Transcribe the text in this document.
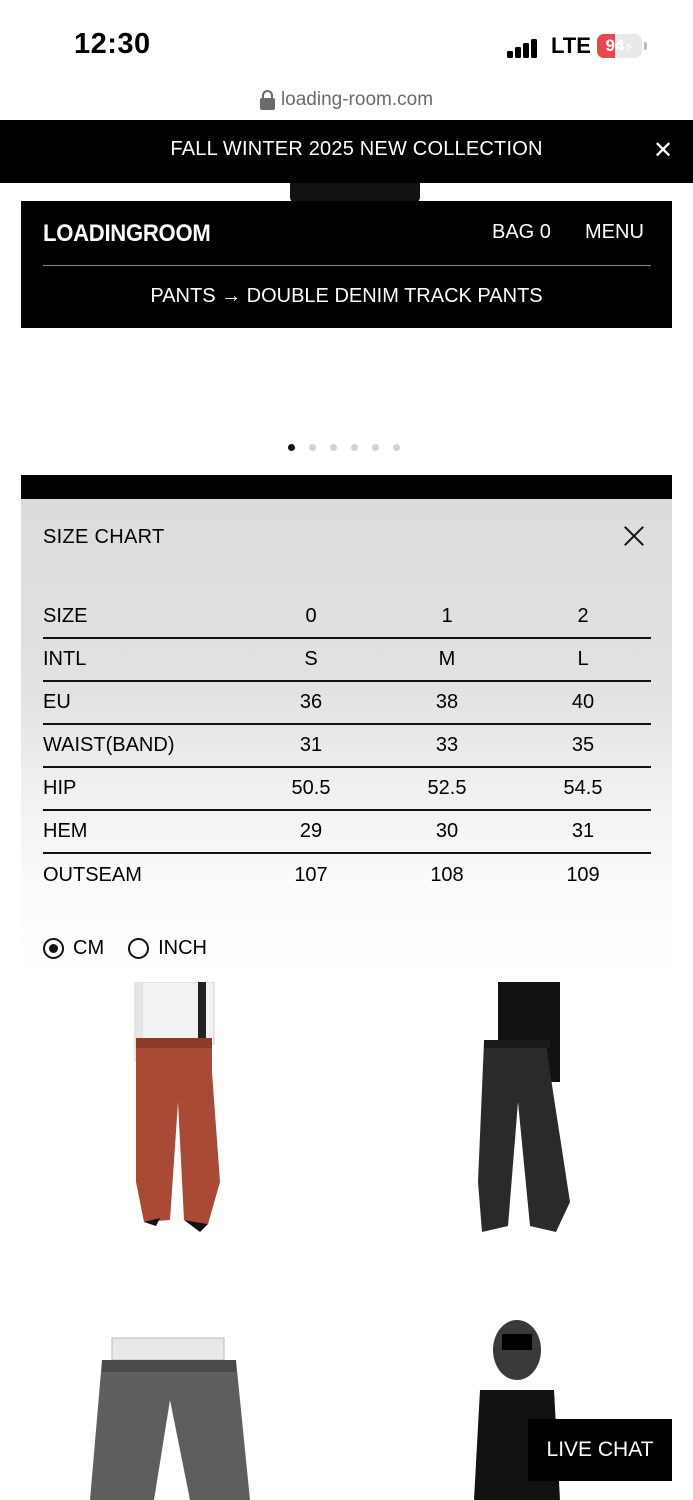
12:30	LTE 94⚡
loading-room.com
FALL WINTER 2025 NEW COLLECTION	✕
LOADINGROOM	BAG 0 MENU
PANTS → DOUBLE DENIM TRACK PANTS
SIZE CHART
SIZE	0	1	2
INTL	S	M	L
EU	36	38	40
WAIST(BAND)	31	33	35
HIP	50.5	52.5	54.5
HEM	29	30	31
OUTSEAM	107	108	109
CM	INCH
LIVE CHAT
